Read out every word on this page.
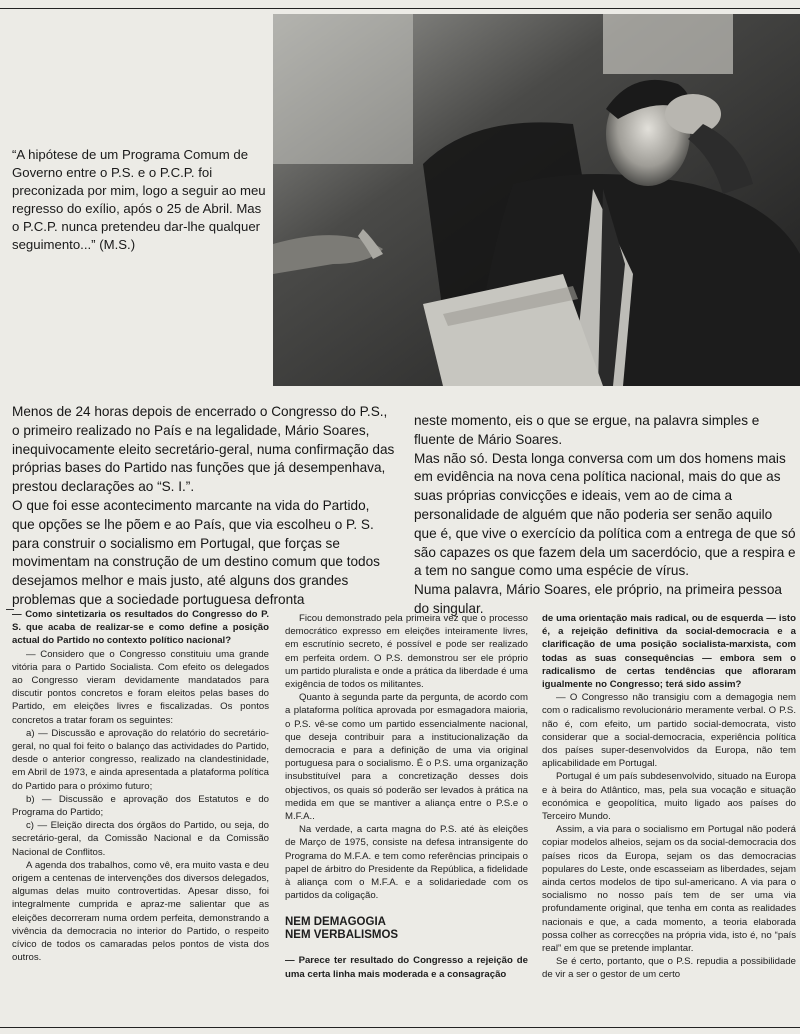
“A hipótese de um Programa Comum de Governo entre o P.S. e o P.C.P. foi preconizada por mim, logo a seguir ao meu regresso do exílio, após o 25 de Abril. Mas o P.C.P. nunca pretendeu dar-lhe qualquer seguimento...” (M.S.)

Menos de 24 horas depois de encerrado o Congresso do P.S., o primeiro realizado no País e na legalidade, Mário Soares, inequivocamente eleito secretário-geral, numa confirmação das próprias bases do Partido nas funções que já desempenhava, prestou declarações ao “S. I.”.

O que foi esse acontecimento marcante na vida do Partido, que opções se lhe põem e ao País, que via escolheu o P. S. para construir o socialismo em Portugal, que forças se movimentam na construção de um destino comum que todos desejamos melhor e mais justo, até alguns dos grandes problemas que a sociedade portuguesa defronta

neste momento, eis o que se ergue, na palavra simples e fluente de Mário Soares.

Mas não só. Desta longa conversa com um dos homens mais em evidência na nova cena política nacional, mais do que as suas próprias convicções e ideais, vem ao de cima a personalidade de alguém que não poderia ser senão aquilo que é, que vive o exercício da política com a entrega de que só são capazes os que fazem dela um sacerdócio, que a respira e a tem no sangue como uma espécie de vírus.

Numa palavra, Mário Soares, ele próprio, na primeira pessoa do singular.

— Como sintetizaria os resultados do Congresso do P. S. que acaba de realizar-se e como define a posição actual do Partido no contexto político nacional?

— Considero que o Congresso constituiu uma grande vitória para o Partido Socialista. Com efeito os delegados ao Congresso vieram devidamente mandatados para discutir pontos concretos e foram eleitos pelas bases do Partido, em eleições livres e fiscalizadas. Os pontos concretos a tratar foram os seguintes:

a) — Discussão e aprovação do relatório do secretário-geral, no qual foi feito o balanço das actividades do Partido, desde o anterior congresso, realizado na clandestinidade, em Abril de 1973, e ainda apresentada a plataforma política do Partido para o próximo futuro;

b) — Discussão e aprovação dos Estatutos e do Programa do Partido;

c) — Eleição directa dos órgãos do Partido, ou seja, do secretário-geral, da Comissão Nacional e da Comissão Nacional de Conflitos.

A agenda dos trabalhos, como vê, era muito vasta e deu origem a centenas de intervenções dos diversos delegados, algumas delas muito controvertidas. Apesar disso, foi integralmente cumprida e apraz-me salientar que as eleições decorreram numa ordem perfeita, demonstrando a vivência da democracia no interior do Partido, o respeito cívico de todos os camaradas pelos pontos de vista dos outros.

Ficou demonstrado pela primeira vez que o processo democrático expresso em eleições inteiramente livres, em escrutínio secreto, é possível e pode ser realizado em perfeita ordem. O P.S. demonstrou ser ele próprio um partido pluralista e onde a prática da liberdade é uma exigência de todos os militantes.

Quanto à segunda parte da pergunta, de acordo com a plataforma política aprovada por esmagadora maioria, o P.S. vê-se como um partido essencialmente nacional, que deseja contribuir para a institucionalização da democracia e para a definição de uma via original portuguesa para o socialismo. É o P.S. uma organização insubstituível para a concretização desses dois objectivos, os quais só poderão ser levados à prática na medida em que se mantiver a aliança entre o P.S.e o M.F.A..

Na verdade, a carta magna do P.S. até às eleições de Março de 1975, consiste na defesa intransigente do Programa do M.F.A. e tem como referências principais o papel de árbitro do Presidente da República, a fidelidade à aliança com o M.F.A. e a solidariedade com os partidos da coligação.

NEM DEMAGOGIA
NEM VERBALISMOS

— Parece ter resultado do Congresso a rejeição de uma certa linha mais moderada e a consagração

de uma orientação mais radical, ou de esquerda — isto é, a rejeição definitiva da social-democracia e a clarificação de uma posição socialista-marxista, com todas as suas consequências — embora sem o radicalismo de certas tendências que afloraram igualmente no Congresso; terá sido assim?

— O Congresso não transigiu com a demagogia nem com o radicalismo revolucionário meramente verbal. O P.S. não é, com efeito, um partido social-democrata, visto considerar que a social-democracia, experiência política dos países super-desenvolvidos da Europa, não tem aplicabilidade em Portugal.

Portugal é um país subdesenvolvido, situado na Europa e à beira do Atlântico, mas, pela sua vocação e situação económica e geopolítica, muito ligado aos países do Terceiro Mundo.

Assim, a via para o socialismo em Portugal não poderá copiar modelos alheios, sejam os da social-democracia dos países ricos da Europa, sejam os das democracias populares do Leste, onde escasseiam as liberdades, sejam ainda certos modelos de tipo sul-americano. A via para o socialismo no nosso país tem de ser uma via profundamente original, que tenha em conta as realidades nacionais e que, a cada momento, a teoria elaborada possa colher as correcções na própria vida, isto é, no “país real” em que se pretende implantar.

Se é certo, portanto, que o P.S. repudia a possibilidade de vir a ser o gestor de um certo
